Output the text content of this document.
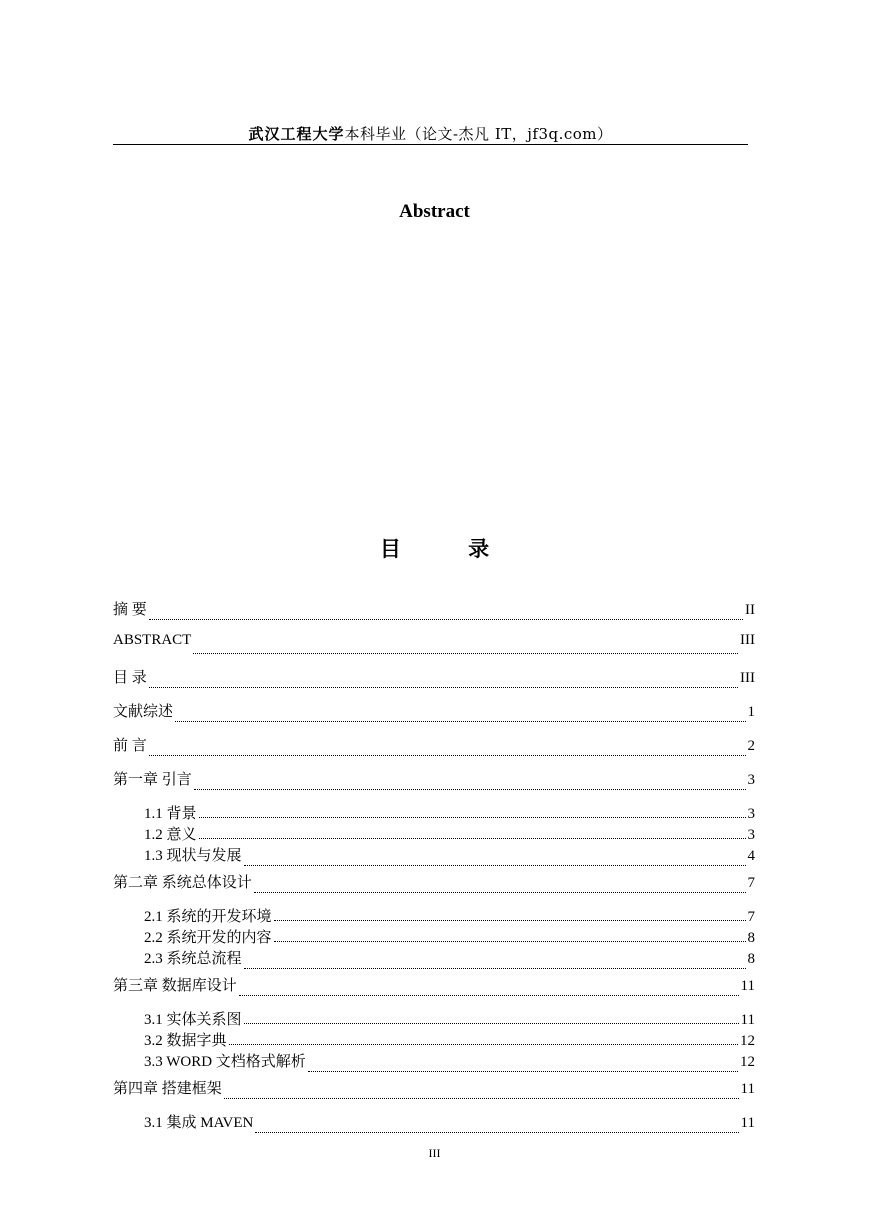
武汉工程大学本科毕业（论文-杰凡 IT，jf3q.com）
Abstract
目 录
摘 要	II
ABSTRACT	III
目 录	III
文献综述	1
前 言	2
第一章 引言	3
1.1 背景	3
1.2 意义	3
1.3 现状与发展	4
第二章 系统总体设计	7
2.1 系统的开发环境	7
2.2 系统开发的内容	8
2.3 系统总流程	8
第三章 数据库设计	11
3.1 实体关系图	11
3.2 数据字典	12
3.3 WORD 文档格式解析	12
第四章 搭建框架	11
3.1 集成 MAVEN	11
III
